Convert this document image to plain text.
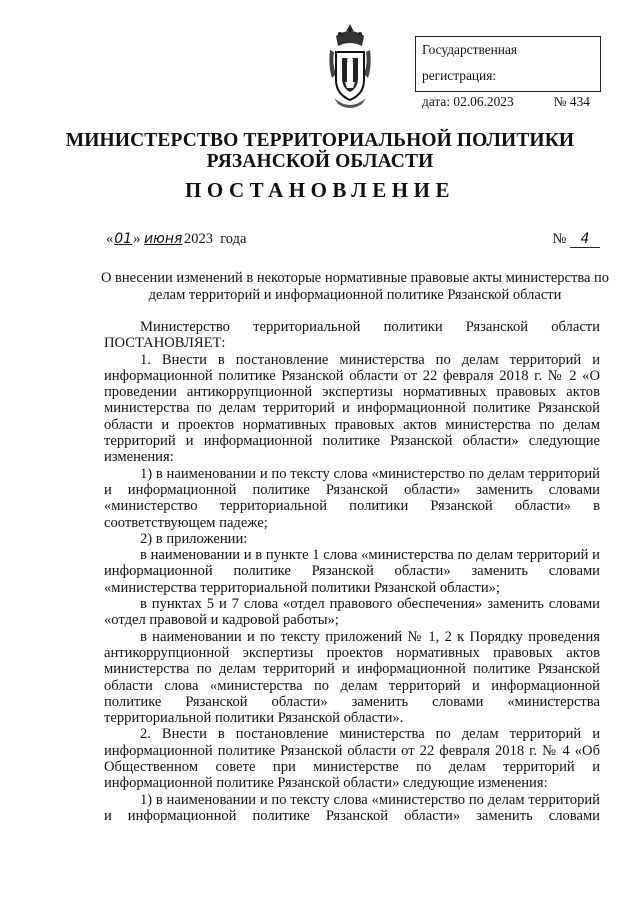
Государственная регистрация:
дата: 02.06.2023	№ 434
МИНИСТЕРСТВО ТЕРРИТОРИАЛЬНОЙ ПОЛИТИКИ
РЯЗАНСКОЙ ОБЛАСТИ
ПОСТАНОВЛЕНИЕ
«01» июня 2023 года	№ 4
О внесении изменений в некоторые нормативные правовые акты министерства по делам территорий и информационной политике Рязанской области

Министерство территориальной политики Рязанской области

ПОСТАНОВЛЯЕТ:

1. Внести в постановление министерства по делам территорий и информационной политике Рязанской области от 22 февраля 2018 г. № 2 «О проведении антикоррупционной экспертизы нормативных правовых актов министерства по делам территорий и информационной политике Рязанской области и проектов нормативных правовых актов министерства по делам территорий и информационной политике Рязанской области» следующие изменения:

1) в наименовании и по тексту слова «министерство по делам территорий и информационной политике Рязанской области» заменить словами «министерство территориальной политики Рязанской области» в соответствующем падеже;

2) в приложении:

в наименовании и в пункте 1 слова «министерства по делам территорий и информационной политике Рязанской области» заменить словами «министерства территориальной политики Рязанской области»;

в пунктах 5 и 7 слова «отдел правового обеспечения» заменить словами «отдел правовой и кадровой работы»;

в наименовании и по тексту приложений № 1, 2 к Порядку проведения антикоррупционной экспертизы проектов нормативных правовых актов министерства по делам территорий и информационной политике Рязанской области слова «министерства по делам территорий и информационной политике Рязанской области» заменить словами «министерства территориальной политики Рязанской области».

2. Внести в постановление министерства по делам территорий и информационной политике Рязанской области от 22 февраля 2018 г. № 4 «Об Общественном совете при министерстве по делам территорий и информационной политике Рязанской области» следующие изменения:

1) в наименовании и по тексту слова «министерство по делам территорий и информационной политике Рязанской области» заменить словами
